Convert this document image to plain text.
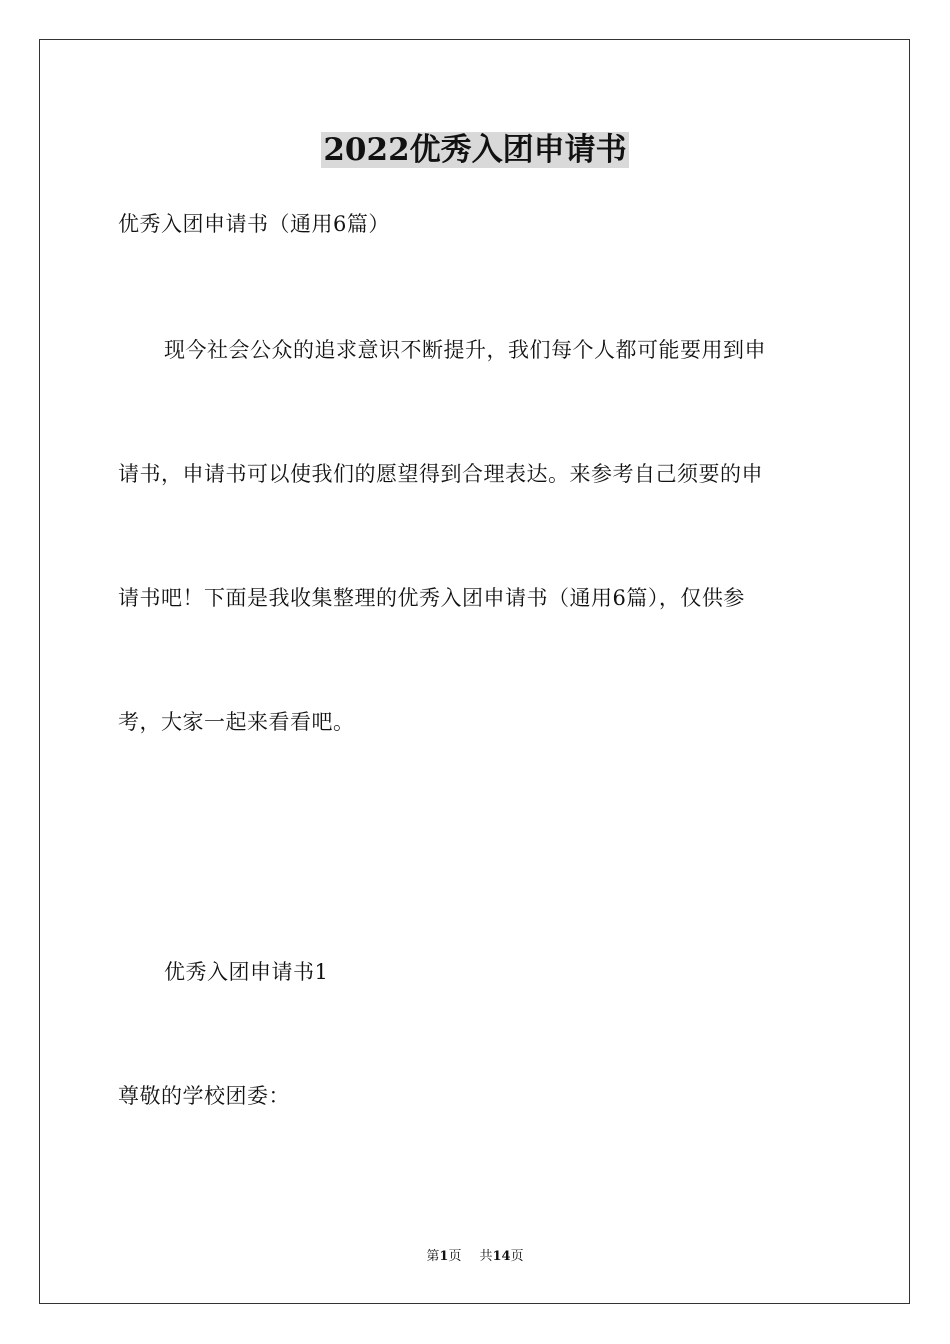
2022优秀入团申请书
优秀入团申请书（通用6篇）
现今社会公众的追求意识不断提升，我们每个人都可能要用到申
请书，申请书可以使我们的愿望得到合理表达。来参考自己须要的申
请书吧！下面是我收集整理的优秀入团申请书（通用6篇），仅供参
考，大家一起来看看吧。
优秀入团申请书1
尊敬的学校团委：
第1页 共14页
